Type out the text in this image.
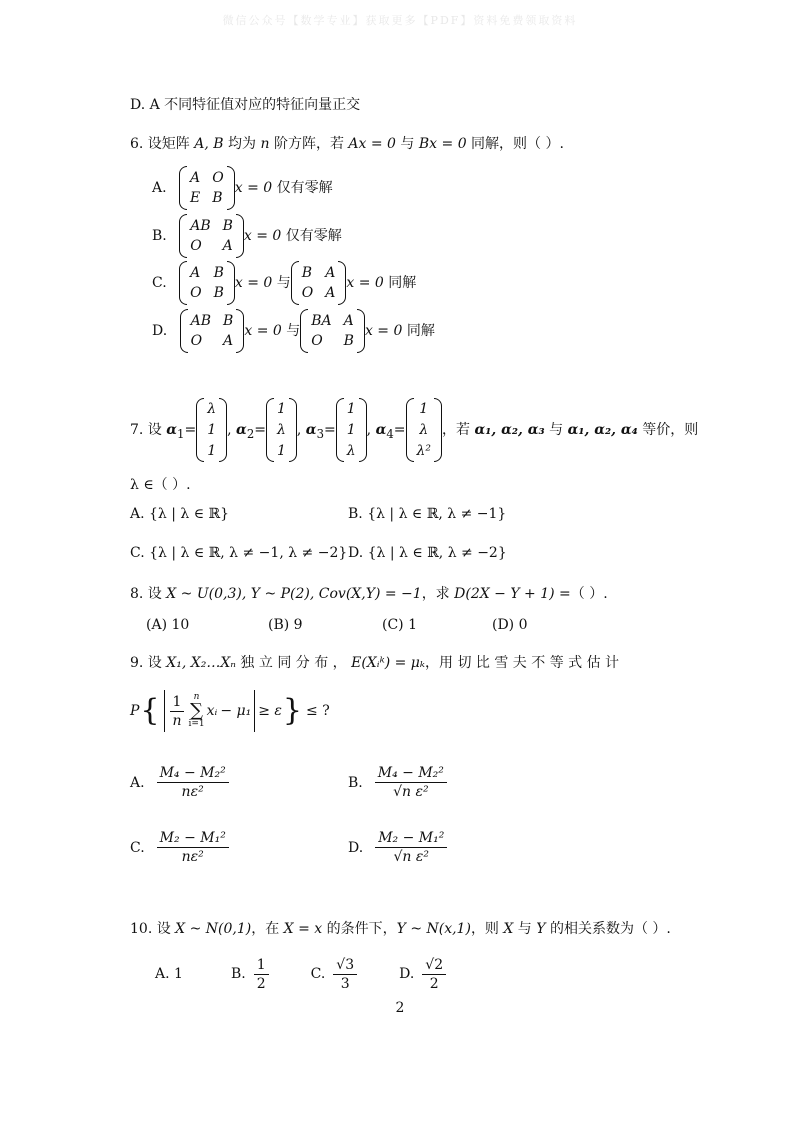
微信公众号【数学专业】获取更多【PDF】资料免费领取资料
D. A 不同特征值对应的特征向量正交
6. 设矩阵 A, B 均为 n 阶方阵，若 Ax = 0 与 Bx = 0 同解，则（ ）.
A.
A O
E B
x = 0 仅有零解
B.
AB B
O	A
x = 0 仅有零解
C.
A B
O B
x = 0 与
B A
O A
x = 0 同解
D.
AB B
O	A
x = 0 与
BA A
O	B
x = 0 同解
7. 设 $\alpha_1=$
λ
1
1
, $\alpha_2=$
1
λ
1
, $\alpha_3=$
1
1
λ
, $\alpha_4=$
1
λ
λ²
，若 α₁, α₂, α₃ 与 α₁, α₂, α₄ 等价，则
λ ∈（ ）.
A. {λ | λ ∈ ℝ}	B. {λ | λ ∈ ℝ, λ ≠ −1}
C. {λ | λ ∈ ℝ, λ ≠ −1, λ ≠ −2} D. {λ | λ ∈ ℝ, λ ≠ −2}
8. 设 X ~ U(0,3), Y ~ P(2), Cov(X,Y) = −1，求 D(2X − Y + 1) =（ ）.
(A) 10	(B) 9	(C) 1	(D) 0
9. 设 X₁, X₂…Xₙ 独 立 同 分 布 ， E(Xᵢᵏ) = μₖ，用 切 比 雪 夫 不 等 式 估 计
P { $\frac{1}{n}$ n
∑
i=1
xᵢ − μ₁ ≥ ε } ≤ ?
A. $\frac{\text{M₄ − M₂²}}{\text{nε²}}$	B. $\frac{\text{M₄ − M₂²}}{\text{√n ε²}}$
C. $\frac{\text{M₂ − M₁²}}{\text{nε²}}$	D. $\frac{\text{M₂ − M₁²}}{\text{√n ε²}}$
10. 设 X ~ N(0,1)，在 X = x 的条件下，Y ~ N(x,1)，则 X 与 Y 的相关系数为（ ）.
A. 1	B. $\frac{1}{2}$	C. $\frac{√3}{3}$	D. $\frac{√2}{2}$
2
